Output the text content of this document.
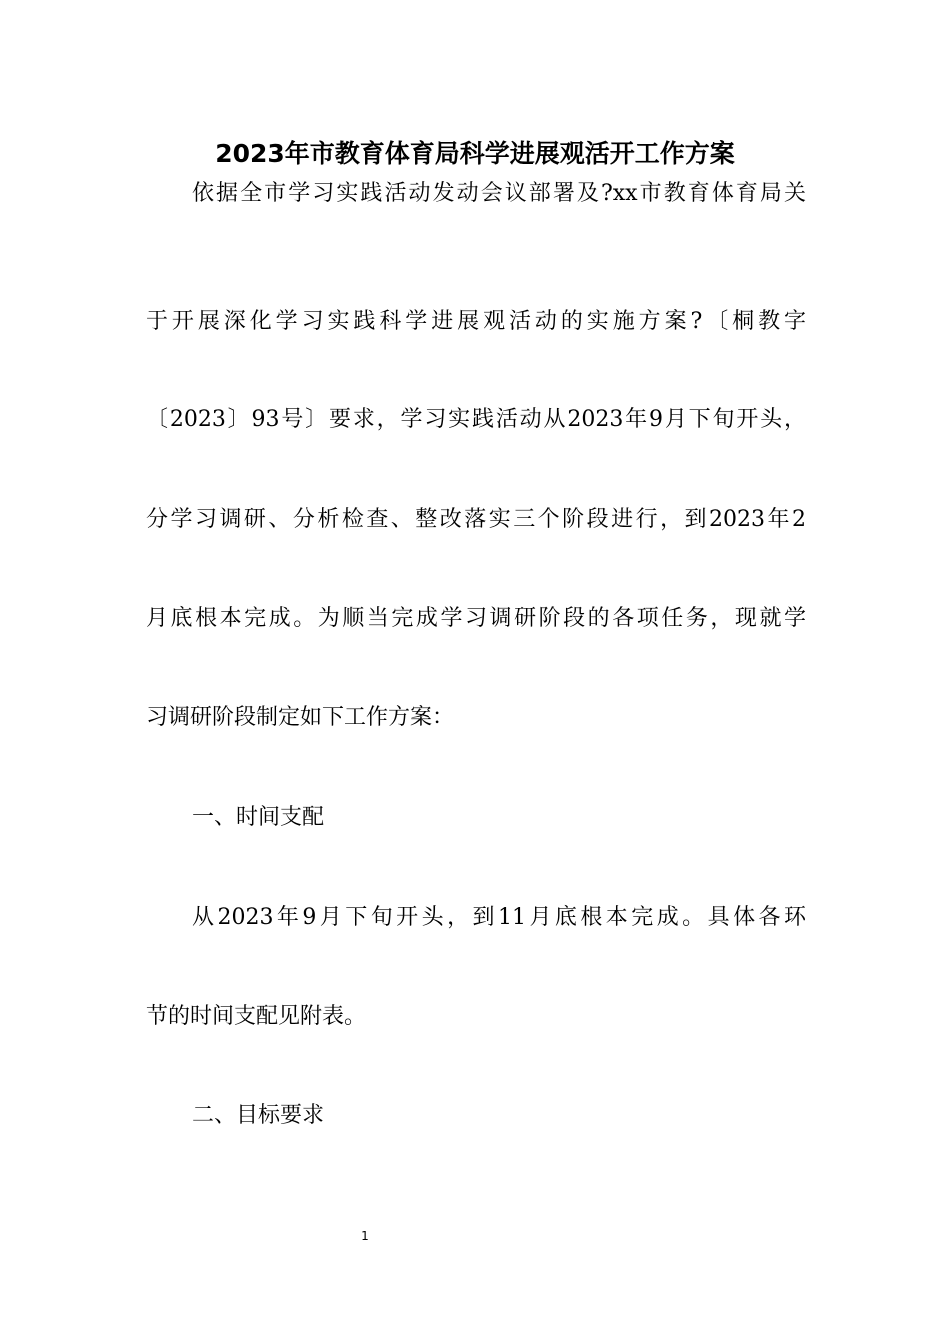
2023年市教育体育局科学进展观活开工作方案
依据全市学习实践活动发动会议部署及?xx市教育体育局关
于开展深化学习实践科学进展观活动的实施方案?〔桐教字
〔2023〕93号〕要求，学习实践活动从2023年9月下旬开头，
分学习调研、分析检查、整改落实三个阶段进行，到2023年2
月底根本完成。为顺当完成学习调研阶段的各项任务，现就学
习调研阶段制定如下工作方案：
一、时间支配
从2023年9月下旬开头，到11月底根本完成。具体各环
节的时间支配见附表。
二、目标要求
1
